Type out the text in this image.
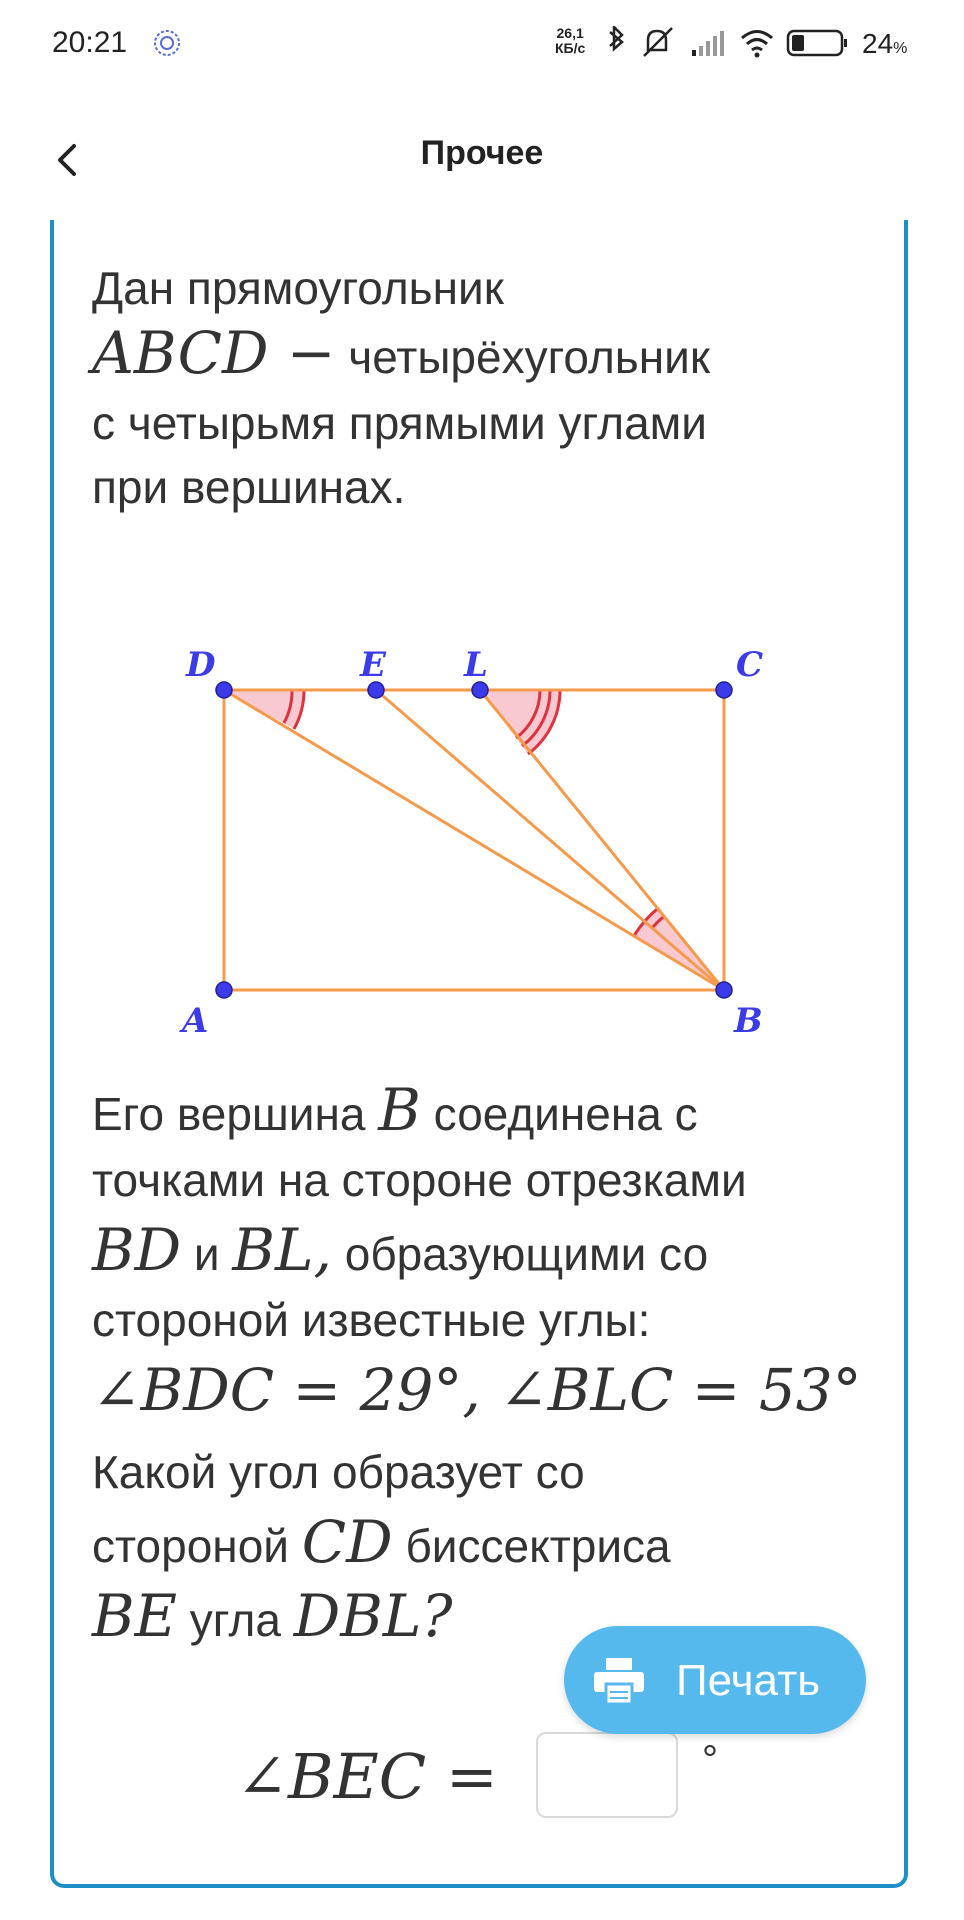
20:21	26,1
КБ/с	24%
Прочее
Дан прямоугольник
ABCD − четырёхугольник
с четырьмя прямыми углами
при вершинах.
D	E L	C
A	B
Его вершина B соединена с
точками на стороне отрезками
BD и BL, образующими со
стороной известные углы:
∠BDC = 29°, ∠BLC = 53°
Какой угол образует со
стороной CD биссектриса
BE угла DBL?
∠BEC =	°
Печать
